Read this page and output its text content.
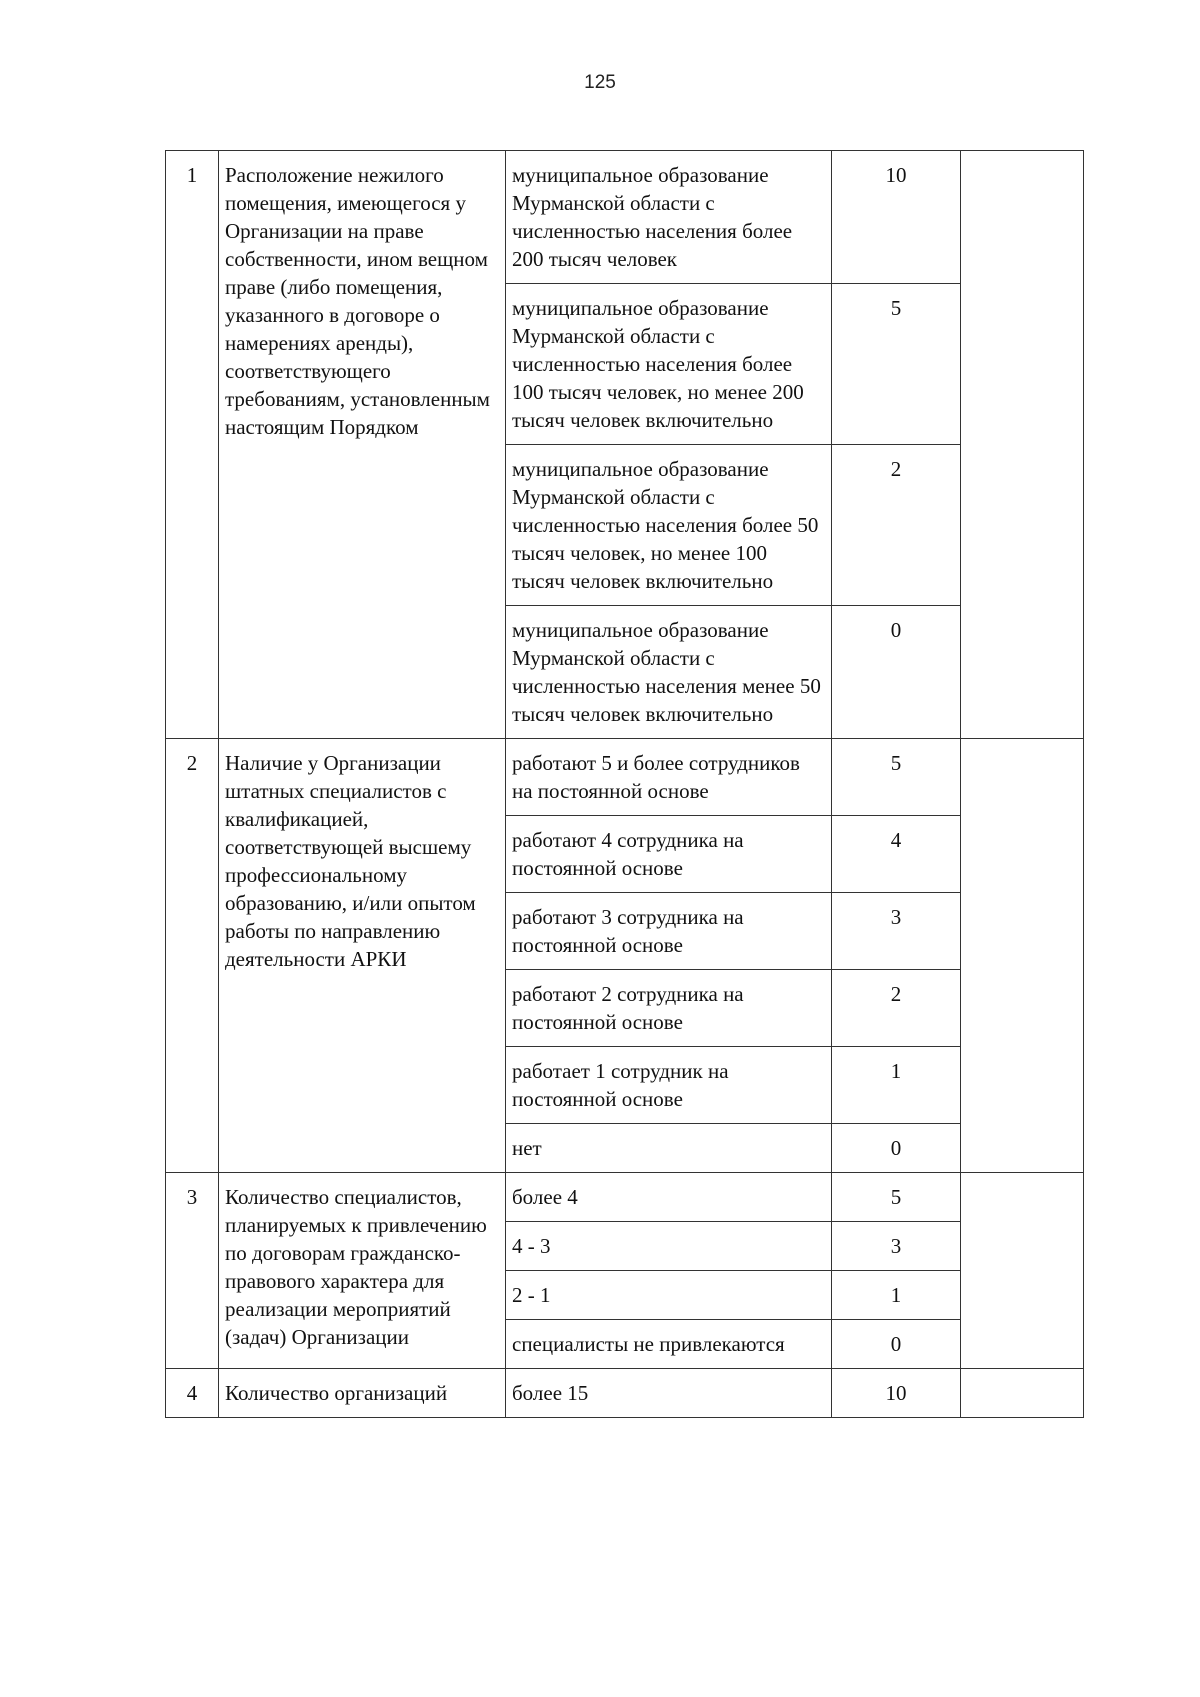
125
1	Расположение нежилого помещения, имеющегося у Организации на праве собственности, ином вещном праве (либо помещения, указанного в договоре о намерениях аренды), соответствующего требованиям, установленным настоящим Порядком	муниципальное образование Мурманской области с численностью населения более 200 тысяч человек	10	
		муниципальное образование Мурманской области с численностью населения более 100 тысяч человек, но менее 200 тысяч человек включительно	5	
		муниципальное образование Мурманской области с численностью населения более 50 тысяч человек, но менее 100 тысяч человек включительно	2	
		муниципальное образование Мурманской области с численностью населения менее 50 тысяч человек включительно	0	
2	Наличие у Организации штатных специалистов с квалификацией, соответствующей высшему профессиональному образованию, и/или опытом работы по направлению деятельности АРКИ	работают 5 и более сотрудников на постоянной основе	5	
		работают 4 сотрудника на постоянной основе	4	
		работают 3 сотрудника на постоянной основе	3	
		работают 2 сотрудника на постоянной основе	2	
		работает 1 сотрудник на постоянной основе	1	
		нет	0	
3	Количество специалистов, планируемых к привлечению по договорам гражданско-правового характера для реализации мероприятий (задач) Организации	более 4	5	
		4 - 3	3	
		2 - 1	1	
		специалисты не привлекаются	0	
4	Количество организаций	более 15	10	
